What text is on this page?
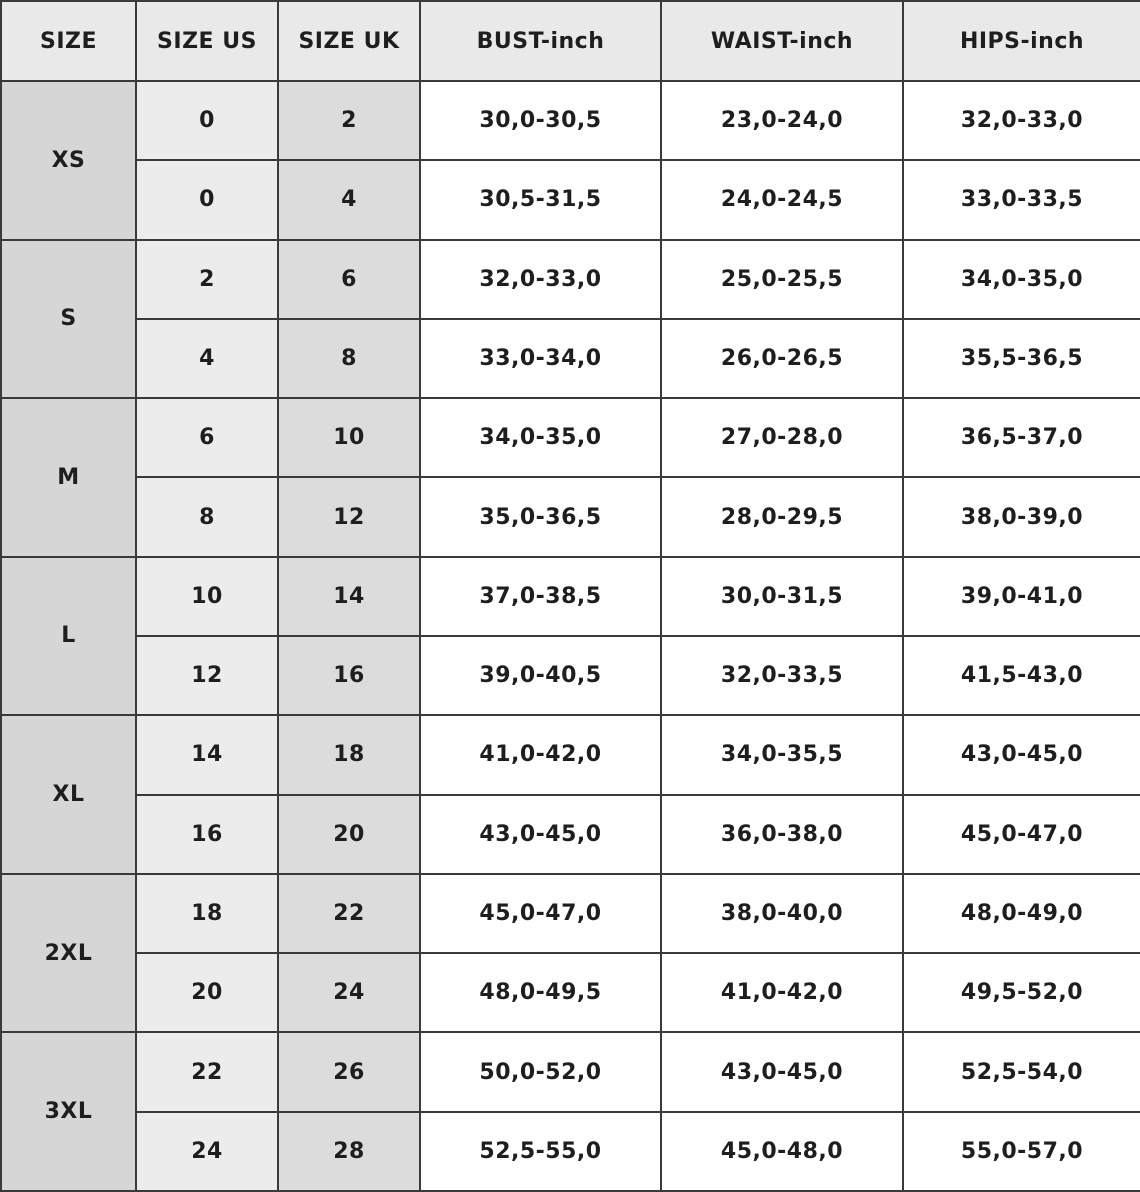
SIZE	SIZE US	SIZE UK	BUST-inch	WAIST-inch	HIPS-inch
XS	0	2	30,0-30,5	23,0-24,0	32,0-33,0
	0	4	30,5-31,5	24,0-24,5	33,0-33,5
S	2	6	32,0-33,0	25,0-25,5	34,0-35,0
	4	8	33,0-34,0	26,0-26,5	35,5-36,5
M	6	10	34,0-35,0	27,0-28,0	36,5-37,0
	8	12	35,0-36,5	28,0-29,5	38,0-39,0
L	10	14	37,0-38,5	30,0-31,5	39,0-41,0
	12	16	39,0-40,5	32,0-33,5	41,5-43,0
XL	14	18	41,0-42,0	34,0-35,5	43,0-45,0
	16	20	43,0-45,0	36,0-38,0	45,0-47,0
2XL	18	22	45,0-47,0	38,0-40,0	48,0-49,0
	20	24	48,0-49,5	41,0-42,0	49,5-52,0
3XL	22	26	50,0-52,0	43,0-45,0	52,5-54,0
	24	28	52,5-55,0	45,0-48,0	55,0-57,0
